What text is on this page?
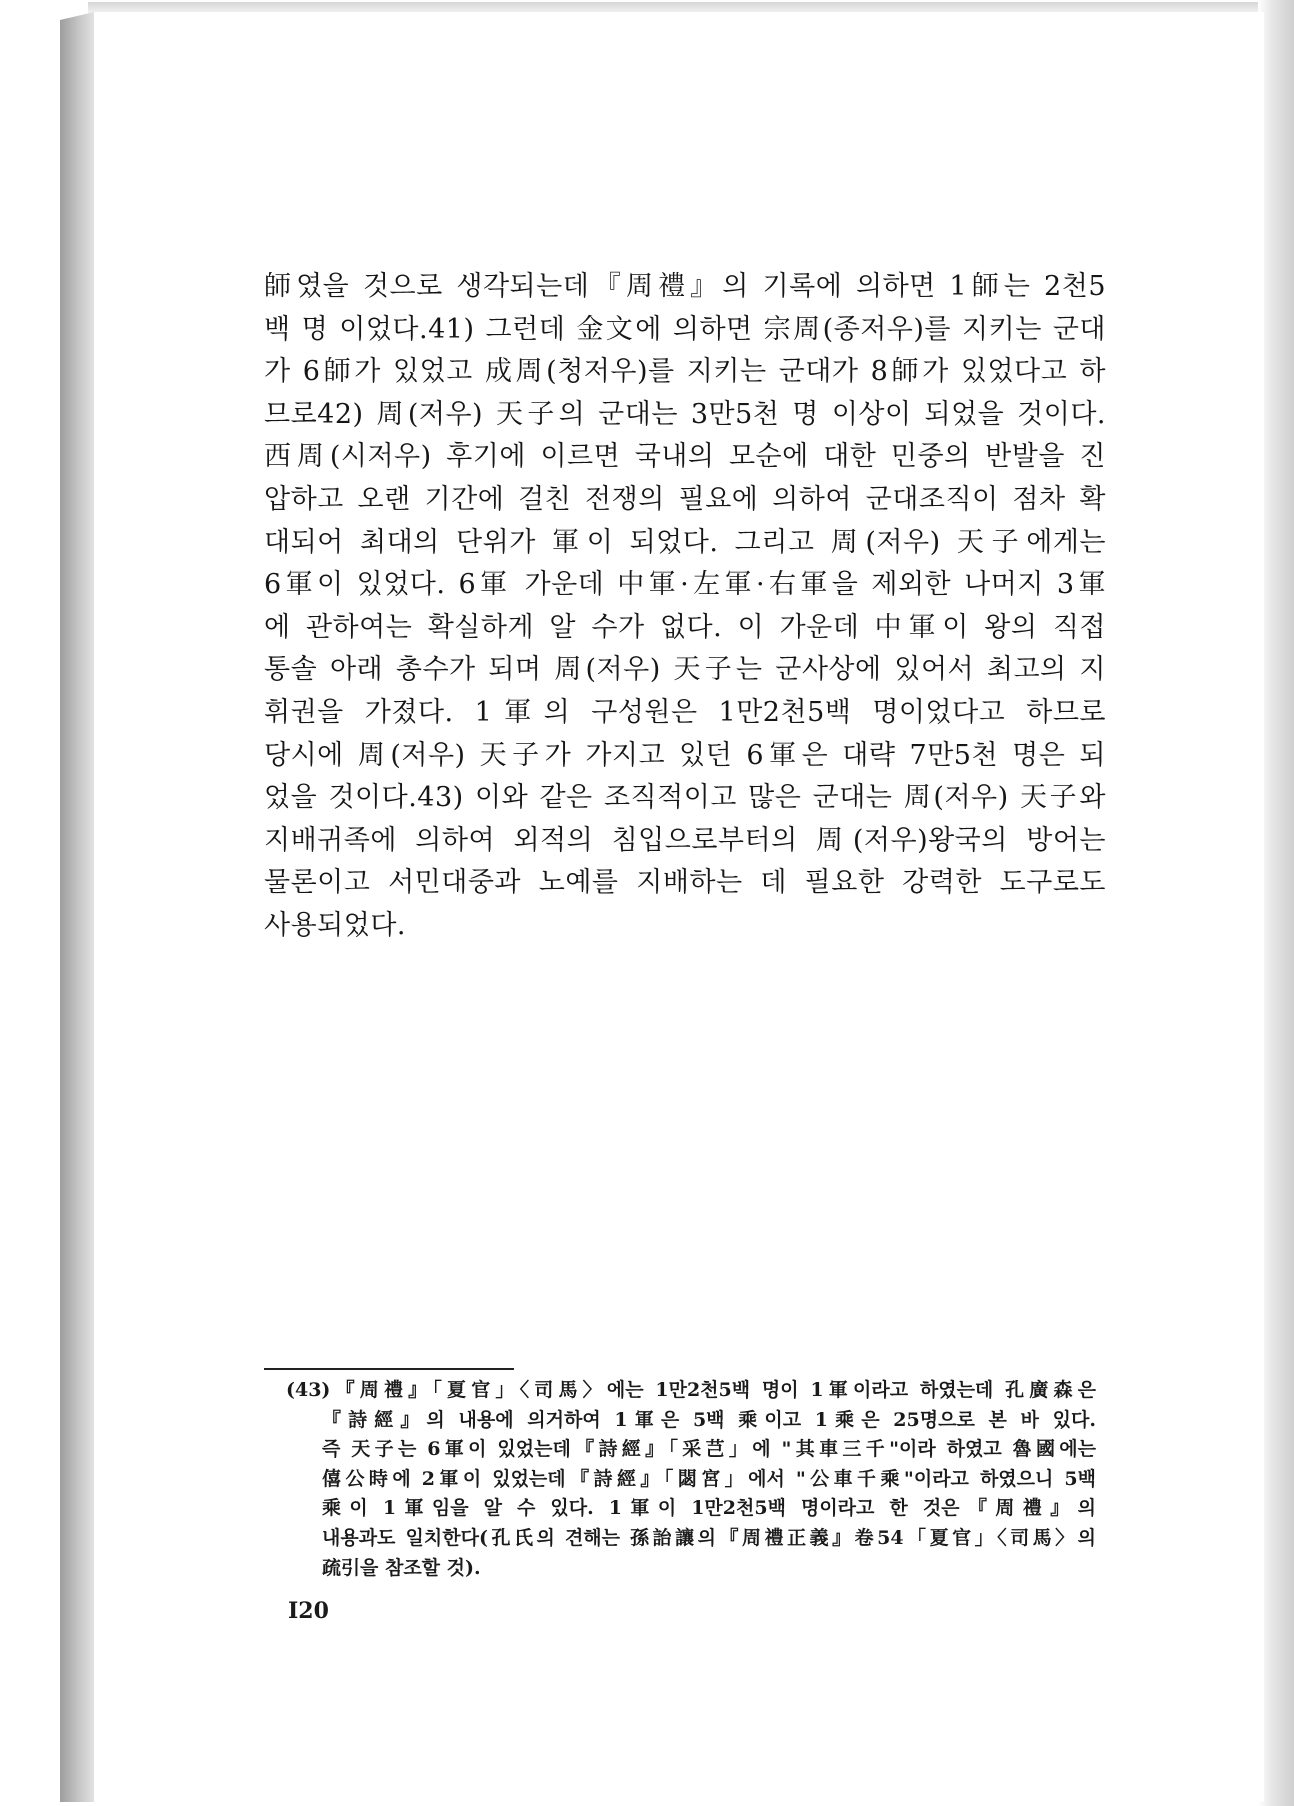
師였을 것으로 생각되는데『周禮』의 기록에 의하면 1師는 2천5
백 명 이었다.41) 그런데 金文에 의하면 宗周(종저우)를 지키는 군대
가 6師가 있었고 成周(청저우)를 지키는 군대가 8師가 있었다고 하
므로42) 周(저우) 天子의 군대는 3만5천 명 이상이 되었을 것이다.
西周(시저우) 후기에 이르면 국내의 모순에 대한 민중의 반발을 진
압하고 오랜 기간에 걸친 전쟁의 필요에 의하여 군대조직이 점차 확
대되어 최대의 단위가 軍이 되었다. 그리고 周(저우) 天子에게는
6軍이 있었다. 6軍 가운데 中軍·左軍·右軍을 제외한 나머지 3軍
에 관하여는 확실하게 알 수가 없다. 이 가운데 中軍이 왕의 직접
통솔 아래 총수가 되며 周(저우) 天子는 군사상에 있어서 최고의 지
휘권을 가졌다. 1軍의 구성원은 1만2천5백 명이었다고 하므로
당시에 周(저우) 天子가 가지고 있던 6軍은 대략 7만5천 명은 되
었을 것이다.43) 이와 같은 조직적이고 많은 군대는 周(저우) 天子와
지배귀족에 의하여 외적의 침입으로부터의 周(저우)왕국의 방어는
물론이고 서민대중과 노예를 지배하는 데 필요한 강력한 도구로도
사용되었다.
(43)『周禮』「夏官」〈司馬〉에는 1만2천5백 명이 1軍이라고 하였는데 孔廣森은
『詩經』의 내용에 의거하여 1軍은 5백 乘이고 1乘은 25명으로 본 바 있다.
즉 天子는 6軍이 있었는데『詩經』「采芑」에 "其車三千"이라 하였고 魯國에는
僖公時에 2軍이 있었는데『詩經』「閟宮」에서 "公車千乘"이라고 하였으니 5백
乘이 1軍임을 알 수 있다. 1軍이 1만2천5백 명이라고 한 것은『周禮』의
내용과도 일치한다(孔氏의 견해는 孫詒讓의『周禮正義』卷54「夏官」〈司馬〉의
疏引을 참조할 것).
I20
